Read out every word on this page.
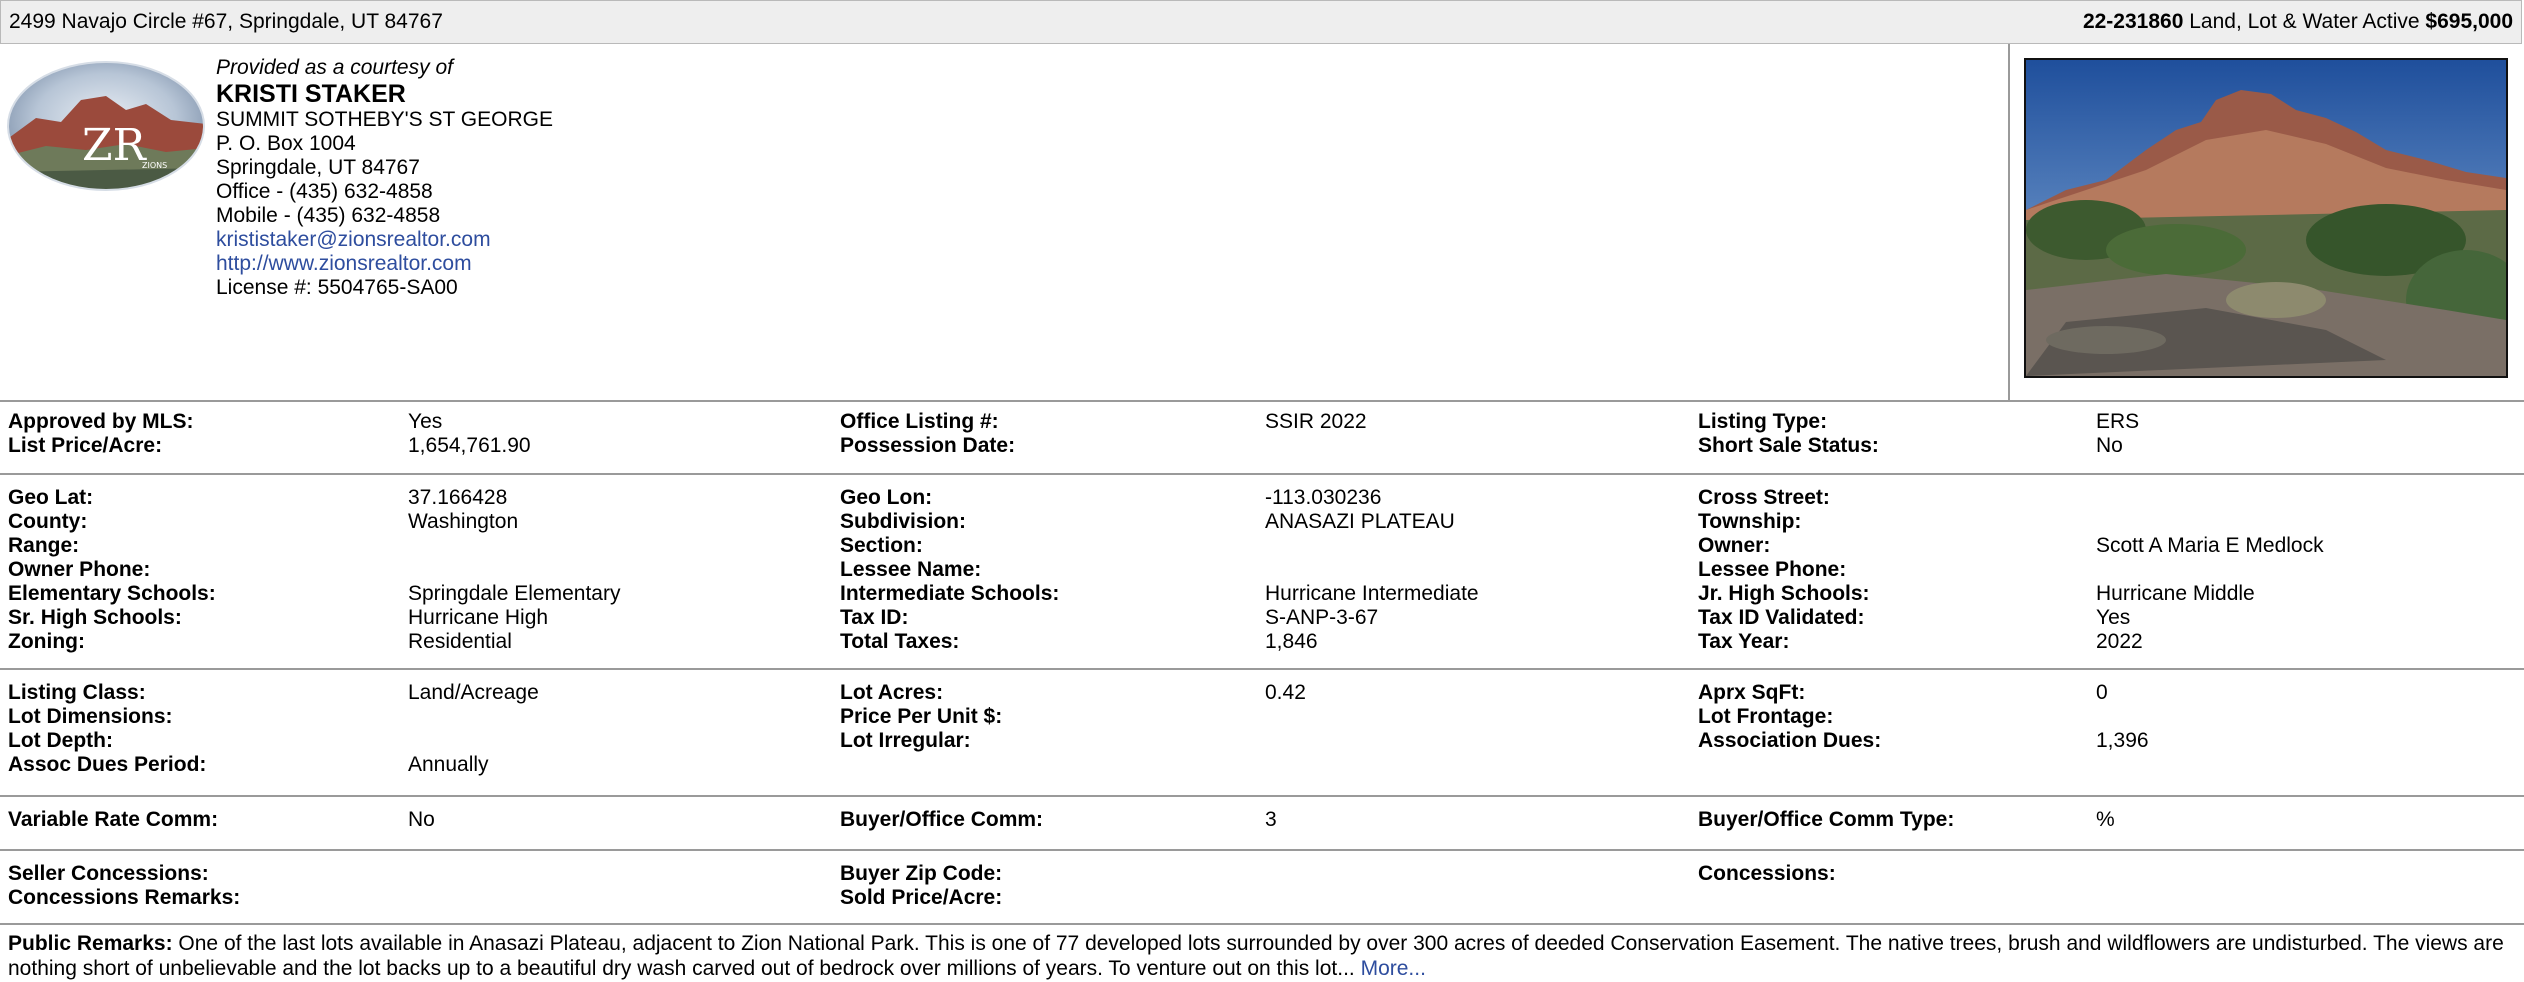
2499 Navajo Circle #67, Springdale, UT 84767	22-231860 Land, Lot & Water Active $695,000
ZR
ZIONS
Provided as a courtesy of
KRISTI STAKER
SUMMIT SOTHEBY'S ST GEORGE
P. O. Box 1004
Springdale, UT 84767
Office - (435) 632-4858
Mobile - (435) 632-4858
krististaker@zionsrealtor.com
http://www.zionsrealtor.com
License #: 5504765-SA00
Approved by MLS:	Yes	Office Listing #:	SSIR 2022	Listing Type:	ERS
List Price/Acre:	1,654,761.90	Possession Date:	Short Sale Status:	No
Geo Lat:	37.166428	Geo Lon:	-113.030236	Cross Street:
County:	Washington	Subdivision:	ANASAZI PLATEAU	Township:
Range:	Section:	Owner:	Scott A Maria E Medlock
Owner Phone:	Lessee Name:	Lessee Phone:
Elementary Schools:	Springdale Elementary	Intermediate Schools:	Hurricane Intermediate	Jr. High Schools:	Hurricane Middle
Sr. High Schools:	Hurricane High	Tax ID:	S-ANP-3-67	Tax ID Validated:	Yes
Zoning:	Residential	Total Taxes:	1,846	Tax Year:	2022
Listing Class:	Land/Acreage	Lot Acres:	0.42	Aprx SqFt:	0
Lot Dimensions:	Price Per Unit $:	Lot Frontage:
Lot Depth:	Lot Irregular:	Association Dues:	1,396
Assoc Dues Period:	Annually
Variable Rate Comm:	No	Buyer/Office Comm:	3	Buyer/Office Comm Type:	%
Seller Concessions:	Buyer Zip Code:	Concessions:
Concessions Remarks:	Sold Price/Acre:
Public Remarks: One of the last lots available in Anasazi Plateau, adjacent to Zion National Park. This is one of 77 developed lots surrounded by over 300 acres of deeded Conservation Easement. The native trees, brush and wildflowers are undisturbed. The views are nothing short of unbelievable and the lot backs up to a beautiful dry wash carved out of bedrock over millions of years. To venture out on this lot... More...
